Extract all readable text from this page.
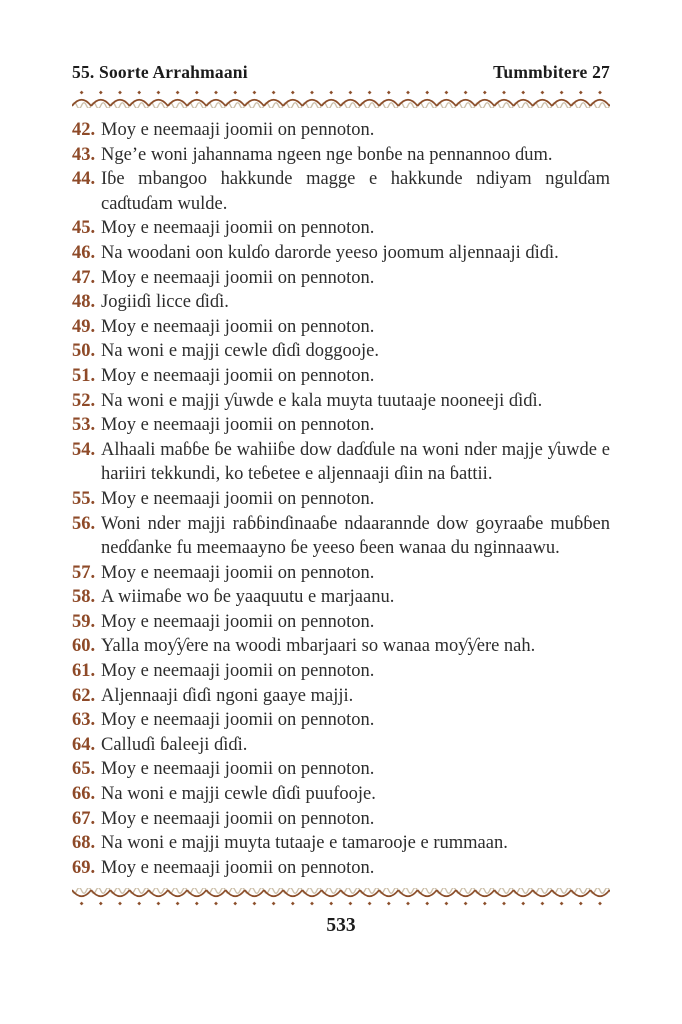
55. Soorte Arrahmaani	Tummbitere 27
42. Moy e neemaaji joomii on pennoton.
43. Nge’e woni jahannama ngeen nge bonɓe na pennannoo ɗum.
44. Iɓe mbangoo hakkunde magge e hakkunde ndiyam ngulɗam caɗtuɗam wulde.
45. Moy e neemaaji joomii on pennoton.
46. Na woodani oon kulɗo darorde yeeso joomum aljennaaji ɗiɗi.
47. Moy e neemaaji joomii on pennoton.
48. Jogiiɗi licce ɗiɗi.
49. Moy e neemaaji joomii on pennoton.
50. Na woni e majji cewle ɗiɗi doggooje.
51. Moy e neemaaji joomii on pennoton.
52. Na woni e majji ƴuwde e kala muyta tuutaaje nooneeji ɗiɗi.
53. Moy e neemaaji joomii on pennoton.
54. Alhaali maɓɓe ɓe wahiiɓe dow daɗɗule na woni nder majje ƴuwde e hariiri tekkundi, ko teɓetee e aljennaaji ɗiin na ɓattii.
55. Moy e neemaaji joomii on pennoton.
56. Woni nder majji raɓɓinɗinaaɓe ndaarannde dow goyraaɓe muɓɓen neɗɗanke fu meemaayno ɓe yeeso ɓeen wanaa du nginnaawu.
57. Moy e neemaaji joomii on pennoton.
58. A wiimaɓe wo ɓe yaaquutu e marjaanu.
59. Moy e neemaaji joomii on pennoton.
60. Yalla moƴƴere na woodi mbarjaari so wanaa moƴƴere nah.
61. Moy e neemaaji joomii on pennoton.
62. Aljennaaji ɗiɗi ngoni gaaye majji.
63. Moy e neemaaji joomii on pennoton.
64. Calluɗi ɓaleeji ɗiɗi.
65. Moy e neemaaji joomii on pennoton.
66. Na woni e majji cewle ɗiɗi puufooje.
67. Moy e neemaaji joomii on pennoton.
68. Na woni e majji muyta tutaaje e tamarooje e rummaan.
69. Moy e neemaaji joomii on pennoton.
533
